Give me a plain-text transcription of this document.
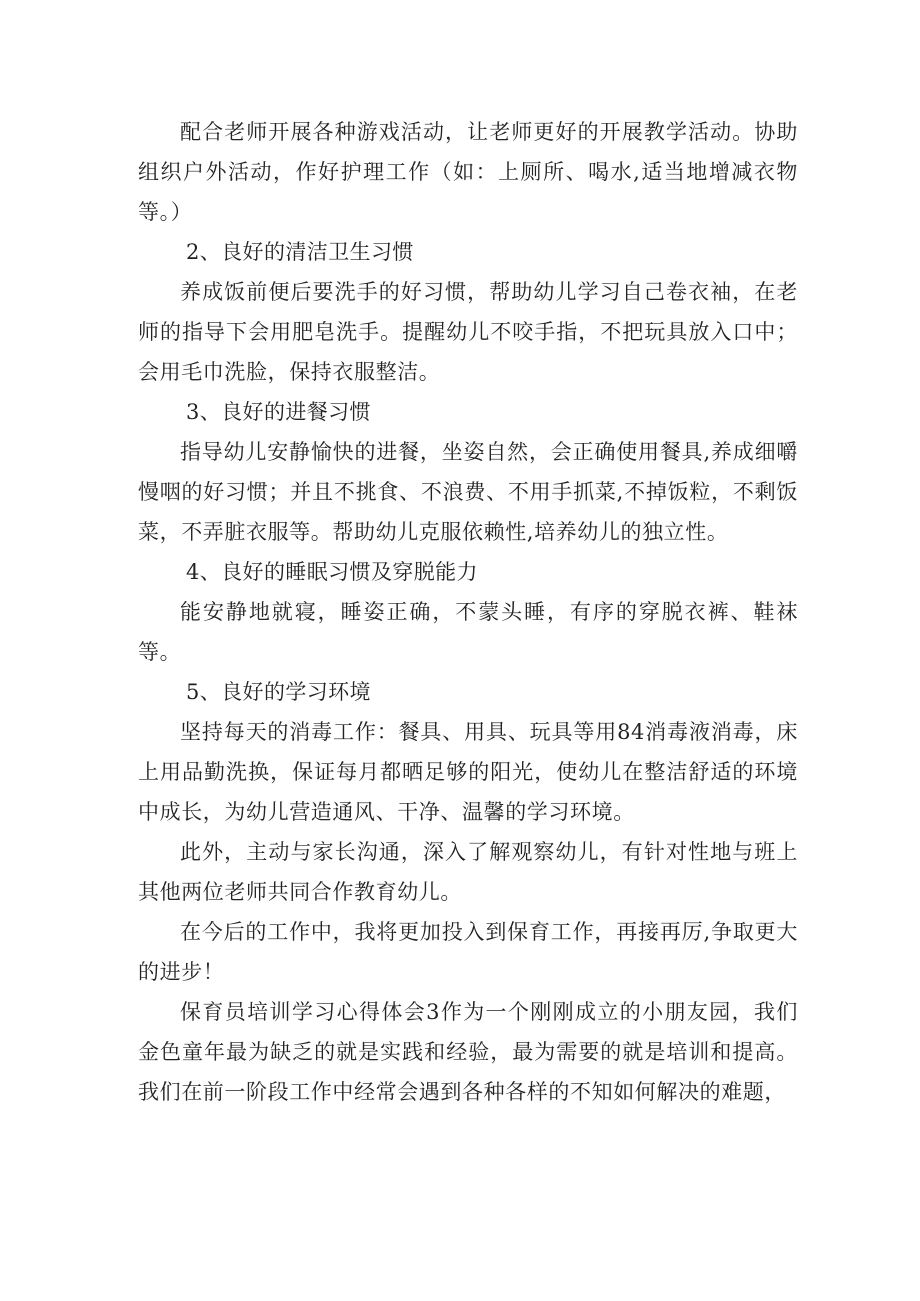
配合老师开展各种游戏活动，让老师更好的开展教学活动。协助组织户外活动，作好护理工作（如：上厕所、喝水,适当地增减衣物等。）

2、良好的清洁卫生习惯

养成饭前便后要洗手的好习惯，帮助幼儿学习自己卷衣袖，在老师的指导下会用肥皂洗手。提醒幼儿不咬手指，不把玩具放入口中；会用毛巾洗脸，保持衣服整洁。

3、良好的进餐习惯

指导幼儿安静愉快的进餐，坐姿自然，会正确使用餐具,养成细嚼慢咽的好习惯；并且不挑食、不浪费、不用手抓菜,不掉饭粒，不剩饭菜，不弄脏衣服等。帮助幼儿克服依赖性,培养幼儿的独立性。

4、良好的睡眠习惯及穿脱能力

能安静地就寝，睡姿正确，不蒙头睡，有序的穿脱衣裤、鞋袜等。

5、良好的学习环境

坚持每天的消毒工作：餐具、用具、玩具等用84消毒液消毒，床上用品勤洗换，保证每月都晒足够的阳光，使幼儿在整洁舒适的环境中成长，为幼儿营造通风、干净、温馨的学习环境。

此外，主动与家长沟通，深入了解观察幼儿，有针对性地与班上其他两位老师共同合作教育幼儿。

在今后的工作中，我将更加投入到保育工作，再接再厉,争取更大的进步！

保育员培训学习心得体会3作为一个刚刚成立的小朋友园，我们金色童年最为缺乏的就是实践和经验，最为需要的就是培训和提高。我们在前一阶段工作中经常会遇到各种各样的不知如何解决的难题，
